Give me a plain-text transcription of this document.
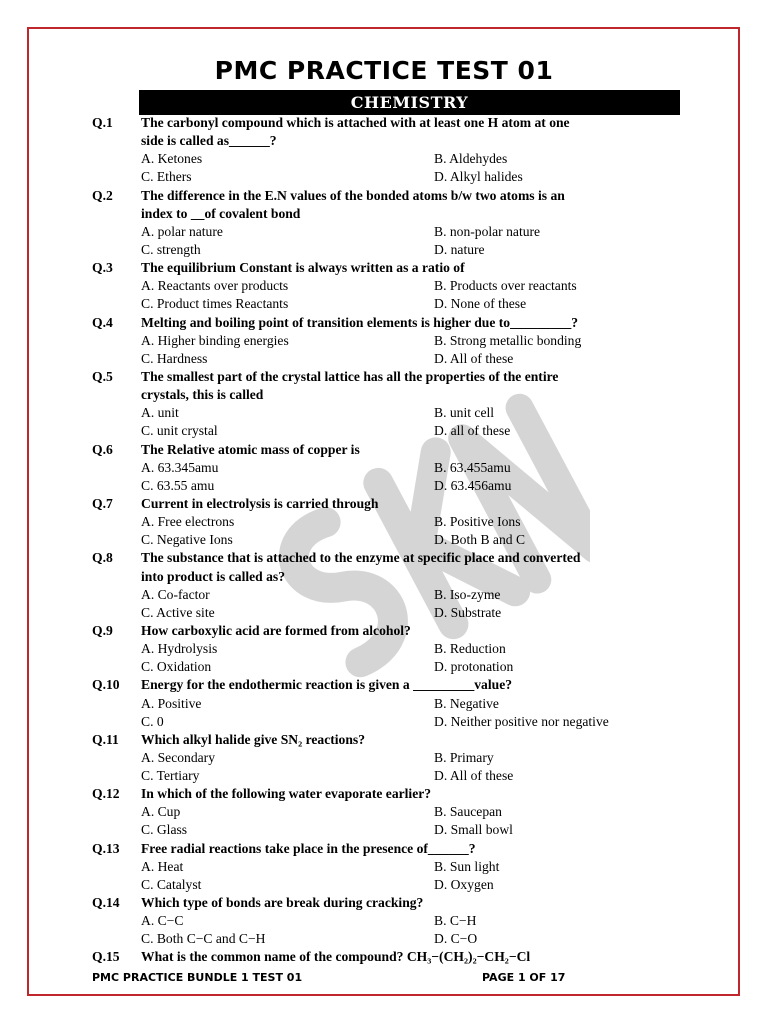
PMC PRACTICE TEST 01
CHEMISTRY
Q.1 The carbonyl compound which is attached with at least one H atom at one
side is called as______?
A. Ketones	B. Aldehydes
C. Ethers	D. Alkyl halides
Q.2 The difference in the E.N values of the bonded atoms b/w two atoms is an
index to __of covalent bond
A. polar nature	B. non-polar nature
C. strength	D. nature
Q.3 The equilibrium Constant is always written as a ratio of
A. Reactants over products	B. Products over reactants
C. Product times Reactants	D. None of these
Q.4 Melting and boiling point of transition elements is higher due to_________?
A. Higher binding energies	B. Strong metallic bonding
C. Hardness	D. All of these
Q.5 The smallest part of the crystal lattice has all the properties of the entire
crystals, this is called
A. unit	B. unit cell
C. unit crystal	D. all of these
Q.6 The Relative atomic mass of copper is
A. 63.345amu	B. 63.455amu
C. 63.55 amu	D. 63.456amu
Q.7 Current in electrolysis is carried through
A. Free electrons	B. Positive Ions
C. Negative Ions	D. Both B and C
Q.8 The substance that is attached to the enzyme at specific place and converted
into product is called as?
A. Co-factor	B. Iso-zyme
C. Active site	D. Substrate
Q.9 How carboxylic acid are formed from alcohol?
A. Hydrolysis	B. Reduction
C. Oxidation	D. protonation
Q.10 Energy for the endothermic reaction is given a _________value?
A. Positive	B. Negative
C. 0	D. Neither positive nor negative
Q.11 Which alkyl halide give SN₂ reactions?
A. Secondary	B. Primary
C. Tertiary	D. All of these
Q.12 In which of the following water evaporate earlier?
A. Cup	B. Saucepan
C. Glass	D. Small bowl
Q.13 Free radial reactions take place in the presence of______?
A. Heat	B. Sun light
C. Catalyst	D. Oxygen
Q.14 Which type of bonds are break during cracking?
A. C−C	B. C−H
C. Both C−C and C−H	D. C−O
Q.15 What is the common name of the compound? CH₃−(CH₂)₂−CH₂−Cl
PMC PRACTICE BUNDLE 1 TEST 01	PAGE 1 OF 17
